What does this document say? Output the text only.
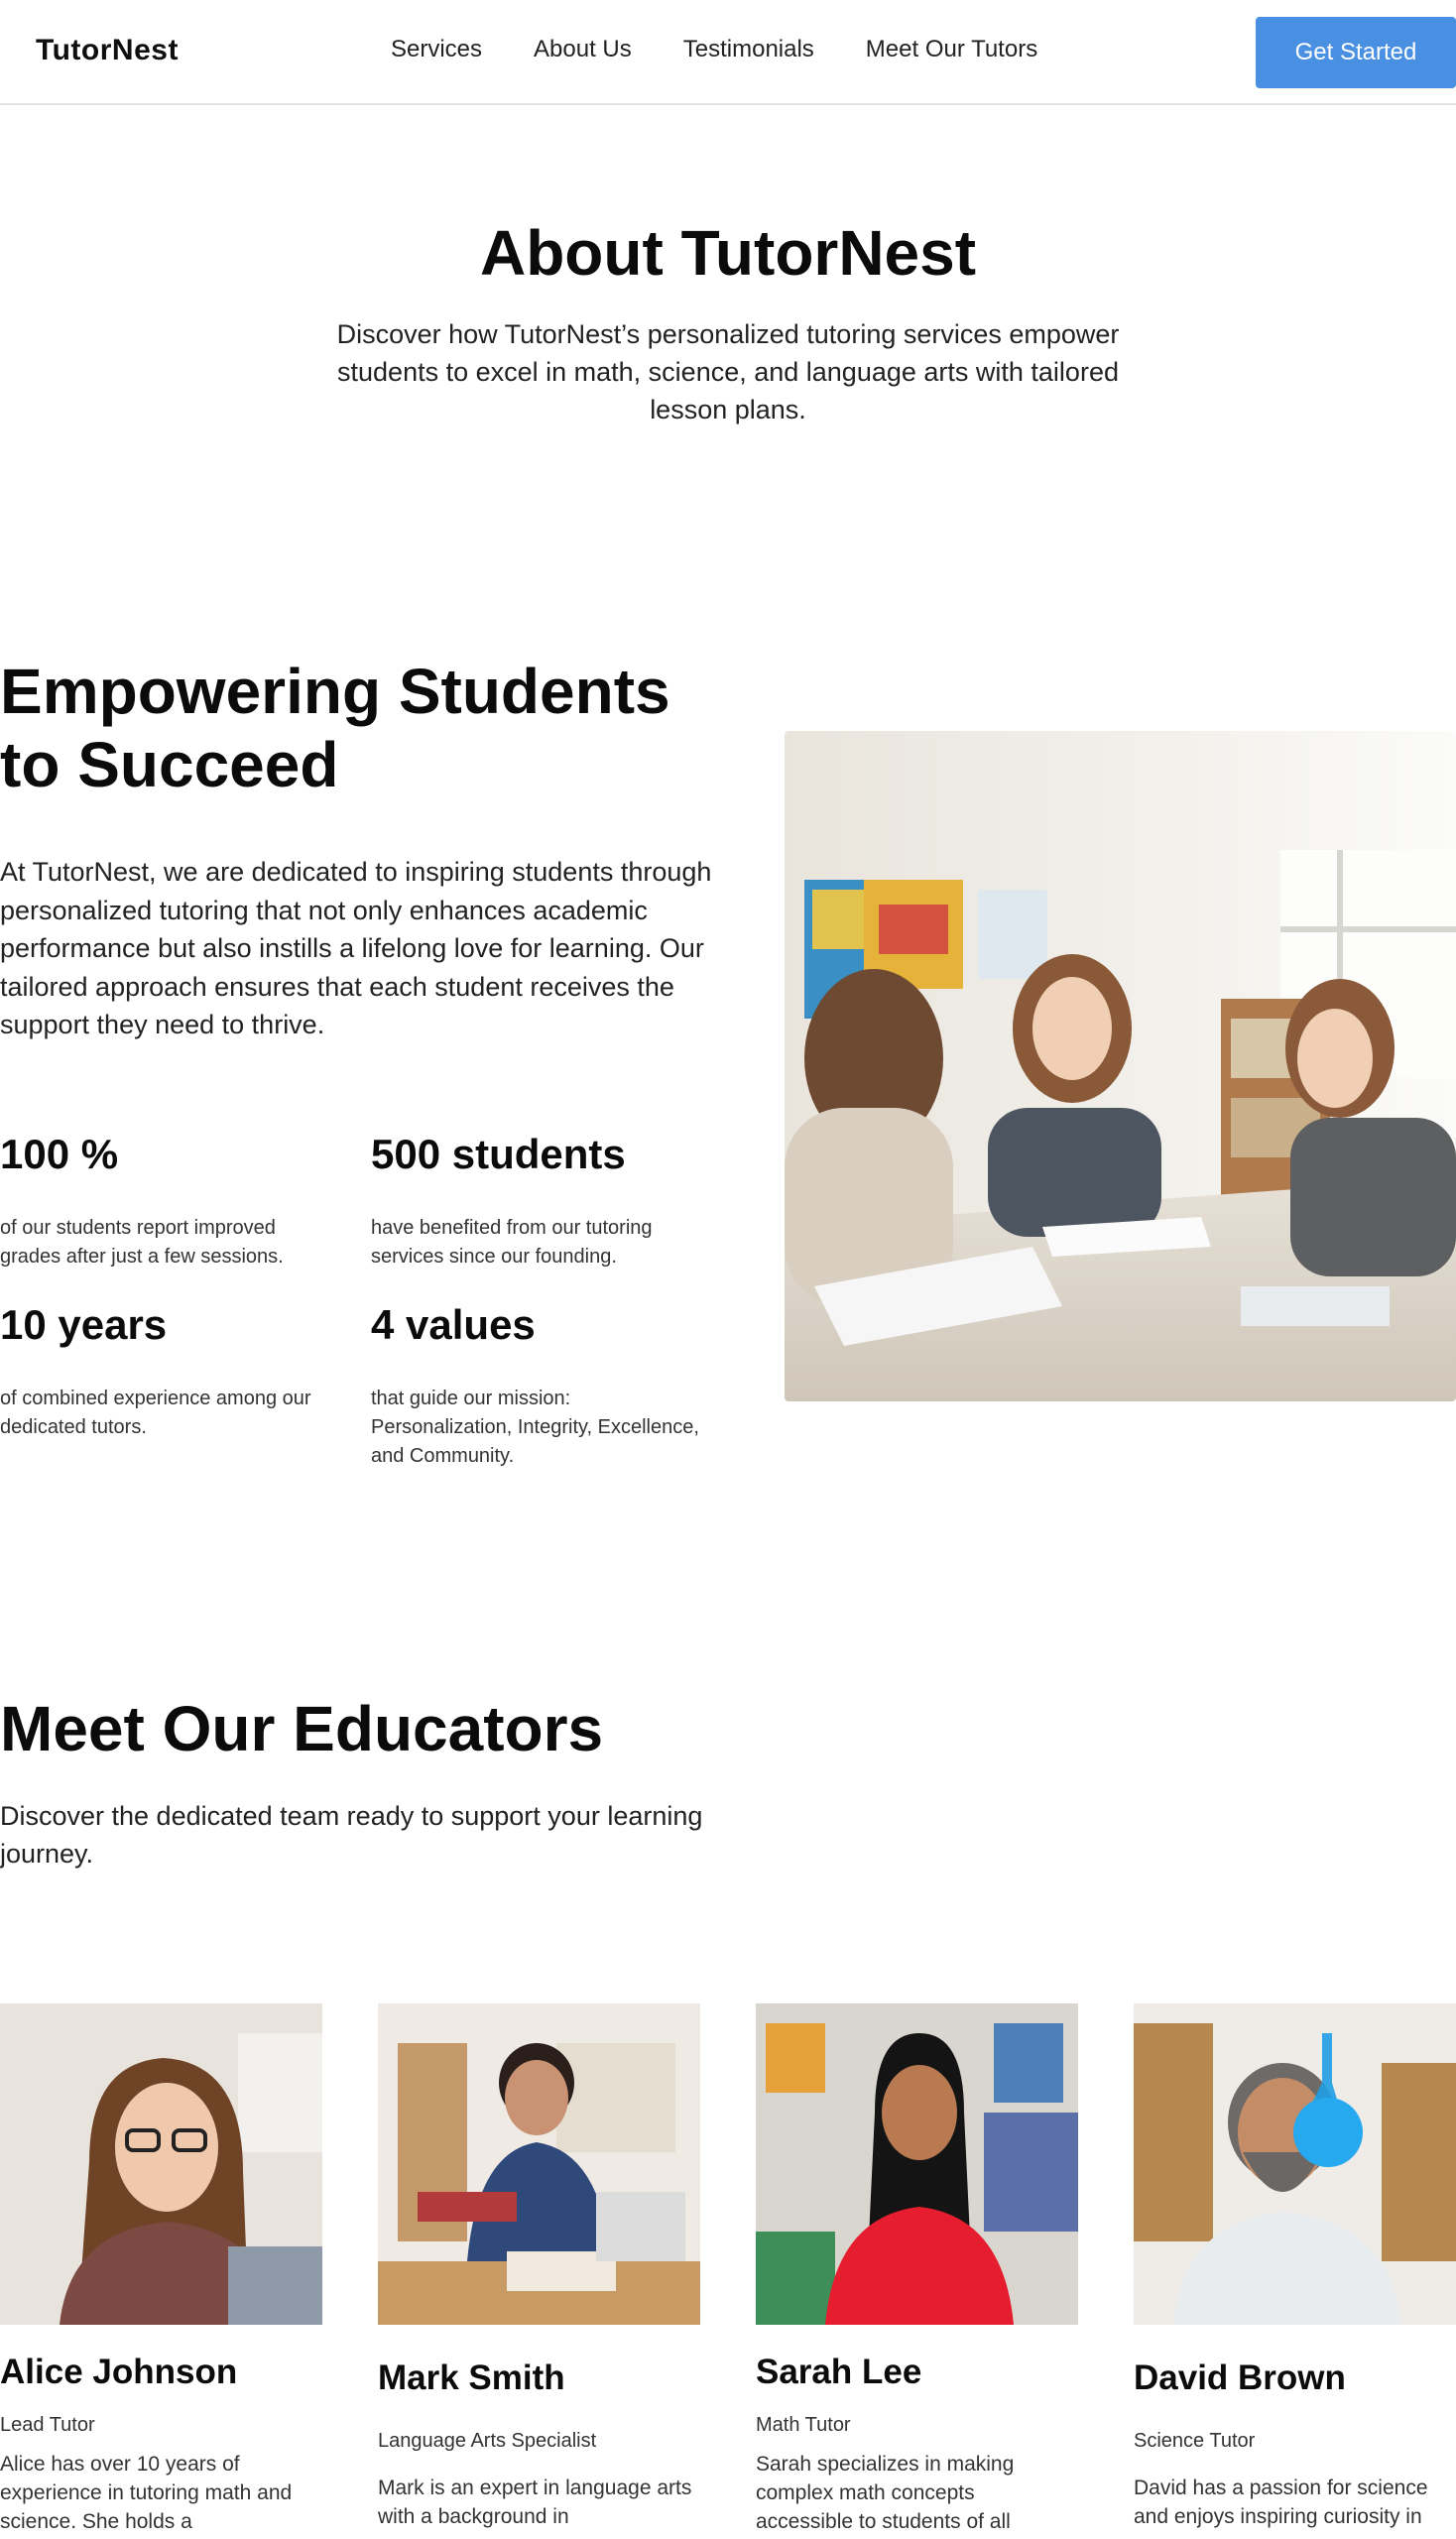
TutorNest	Services About Us Testimonials Meet Our Tutors	Get Started
About TutorNest

Discover how TutorNest’s personalized tutoring services empower students to excel in math, science, and language arts with tailored lesson plans.

Empowering Students to Succeed

At TutorNest, we are dedicated to inspiring students through personalized tutoring that not only enhances academic performance but also instills a lifelong love for learning. Our tailored approach ensures that each student receives the support they need to thrive.

100 %
of our students report improved grades after just a few sessions.
500 students
have benefited from our tutoring services since our founding.
10 years
of combined experience among our dedicated tutors.
4 values
that guide our mission: Personalization, Integrity, Excellence, and Community.
Meet Our Educators

Discover the dedicated team ready to support your learning journey.

Alice Johnson
Lead Tutor
Alice has over 10 years of experience in tutoring math and science. She holds a
Mark Smith
Language Arts Specialist
Mark is an expert in language arts with a background in
Sarah Lee
Math Tutor
Sarah specializes in making complex math concepts accessible to students of all
David Brown
Science Tutor
David has a passion for science and enjoys inspiring curiosity in
